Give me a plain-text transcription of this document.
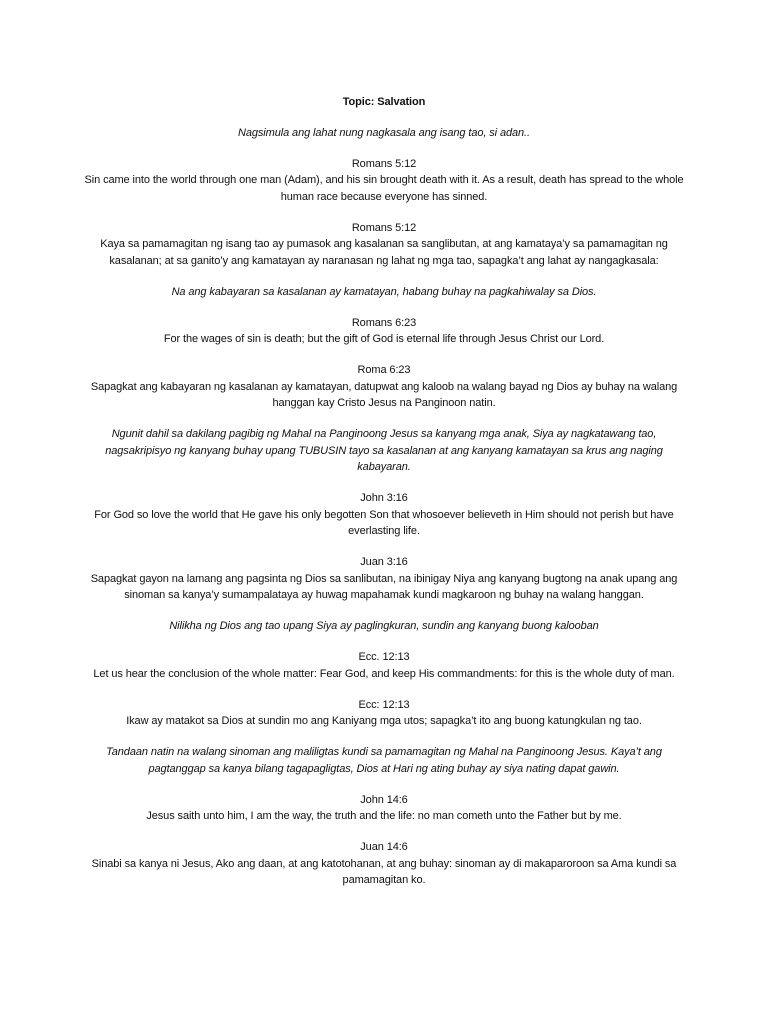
Topic: Salvation
Nagsimula ang lahat nung nagkasala ang isang tao, si adan..
Romans 5:12
Sin came into the world through one man (Adam), and his sin brought death with it. As a result, death has spread to the whole human race because everyone has sinned.
Romans 5:12
Kaya sa pamamagitan ng isang tao ay pumasok ang kasalanan sa sanglibutan, at ang kamataya’y sa pamamagitan ng kasalanan; at sa ganito’y ang kamatayan ay naranasan ng lahat ng mga tao, sapagka’t ang lahat ay nangagkasala:
Na ang kabayaran sa kasalanan ay kamatayan, habang buhay na pagkahiwalay sa Dios.
Romans 6:23
For the wages of sin is death; but the gift of God is eternal life through Jesus Christ our Lord.
Roma 6:23
Sapagkat ang kabayaran ng kasalanan ay kamatayan, datupwat ang kaloob na walang bayad ng Dios ay buhay na walang hanggan kay Cristo Jesus na Panginoon natin.
Ngunit dahil sa dakilang pagibig ng Mahal na Panginoong Jesus sa kanyang mga anak, Siya ay nagkatawang tao, nagsakripisyo ng kanyang buhay upang TUBUSIN tayo sa kasalanan at ang kanyang kamatayan sa krus ang naging kabayaran.
John 3:16
For God so love the world that He gave his only begotten Son that whosoever believeth in Him should not perish but have everlasting life.
Juan 3:16
Sapagkat gayon na lamang ang pagsinta ng Dios sa sanlibutan, na ibinigay Niya ang kanyang bugtong na anak upang ang sinoman sa kanya’y sumampalataya ay huwag mapahamak kundi magkaroon ng buhay na walang hanggan.
Nilikha ng Dios ang tao upang Siya ay paglingkuran, sundin ang kanyang buong kalooban
Ecc. 12:13
Let us hear the conclusion of the whole matter: Fear God, and keep His commandments: for this is the whole duty of man.
Ecc: 12:13
Ikaw ay matakot sa Dios at sundin mo ang Kaniyang mga utos; sapagka’t ito ang buong katungkulan ng tao.
Tandaan natin na walang sinoman ang maliligtas kundi sa pamamagitan ng Mahal na Panginoong Jesus. Kaya’t ang pagtanggap sa kanya bilang tagapagligtas, Dios at Hari ng ating buhay ay siya nating dapat gawin.
John 14:6
Jesus saith unto him, I am the way, the truth and the life: no man cometh unto the Father but by me.
Juan 14:6
Sinabi sa kanya ni Jesus, Ako ang daan, at ang katotohanan, at ang buhay: sinoman ay di makaparoroon sa Ama kundi sa pamamagitan ko.
